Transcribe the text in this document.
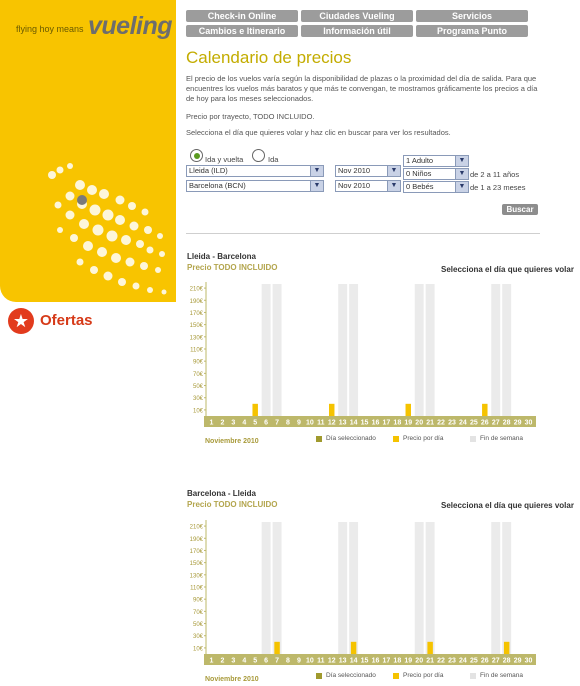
flying hoy means vueling
★ Ofertas
Check-in Online	Ciudades Vueling	Servicios
Cambios e Itinerario	Información útil	Programa Punto
Calendario de precios
El precio de los vuelos varía según la disponibilidad de plazas o la proximidad del día de salida. Para que encuentres los vuelos más baratos y que más te convengan, te mostramos gráficamente los precios a día de hoy para los meses seleccionados.
Precio por trayecto, TODO INCLUIDO.
Selecciona el día que quieres volar y haz clic en buscar para ver los resultados.
Ida y vuelta	Ida
Lleida (ILD)	▼
Barcelona (BCN)	▼
Nov 2010	▼
Nov 2010	▼
1 Adulto	▼
0 Niños	▼ de 2 a 11 años
0 Bebés	▼ de 1 a 23 meses
Buscar
Lleida - Barcelona
Precio TODO INCLUIDO	Selecciona el día que quieres volar
210€
190€
170€
150€
130€
110€
90€
70€
50€
30€
10€
1 2 3 4 5 6 7 8 9 10 11 12 13 14 15 16 17 18 19 20 21 22 23 24 25 26 27 28 29 30
Noviembre 2010	Día seleccionado	Precio por día	Fin de semana
Barcelona - Lleida
Precio TODO INCLUIDO	Selecciona el día que quieres volar
210€
190€
170€
150€
130€
110€
90€
70€
50€
30€
10€
1 2 3 4 5 6 7 8 9 10 11 12 13 14 15 16 17 18 19 20 21 22 23 24 25 26 27 28 29 30
Noviembre 2010
Día seleccionado	Precio por día	Fin de semana
